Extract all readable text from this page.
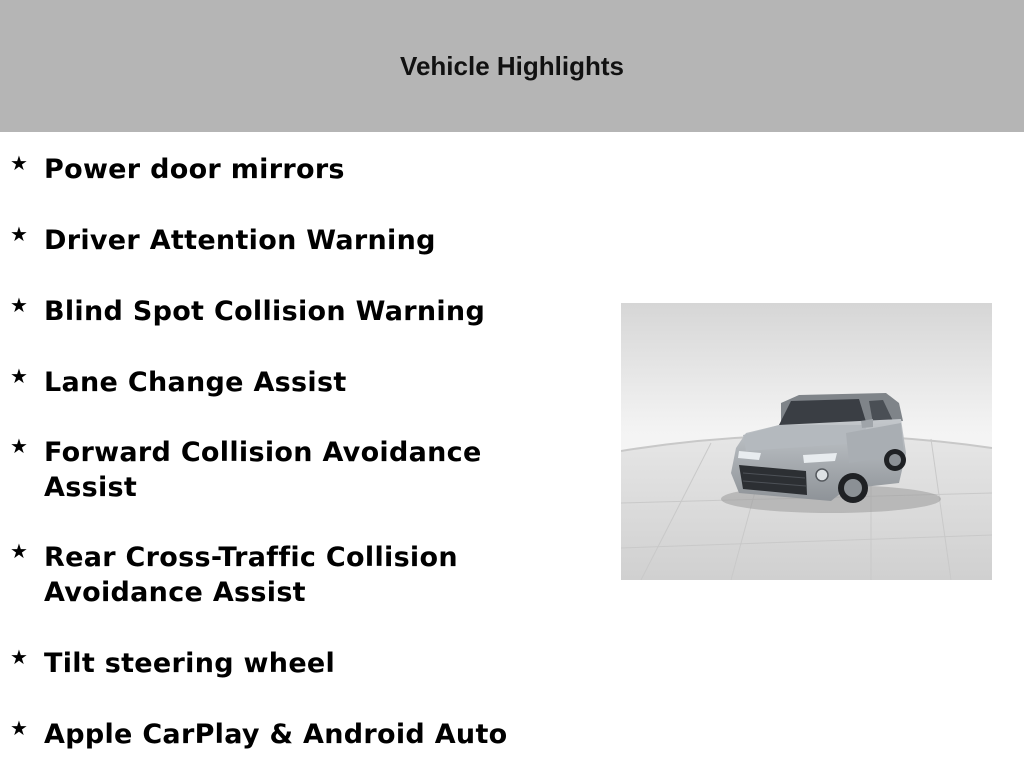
Vehicle Highlights
★ Power door mirrors
★ Driver Attention Warning
★ Blind Spot Collision Warning
★ Lane Change Assist
★ Forward Collision Avoidance Assist
★ Rear Cross-Traffic Collision Avoidance Assist
★ Tilt steering wheel
★ Apple CarPlay & Android Auto
